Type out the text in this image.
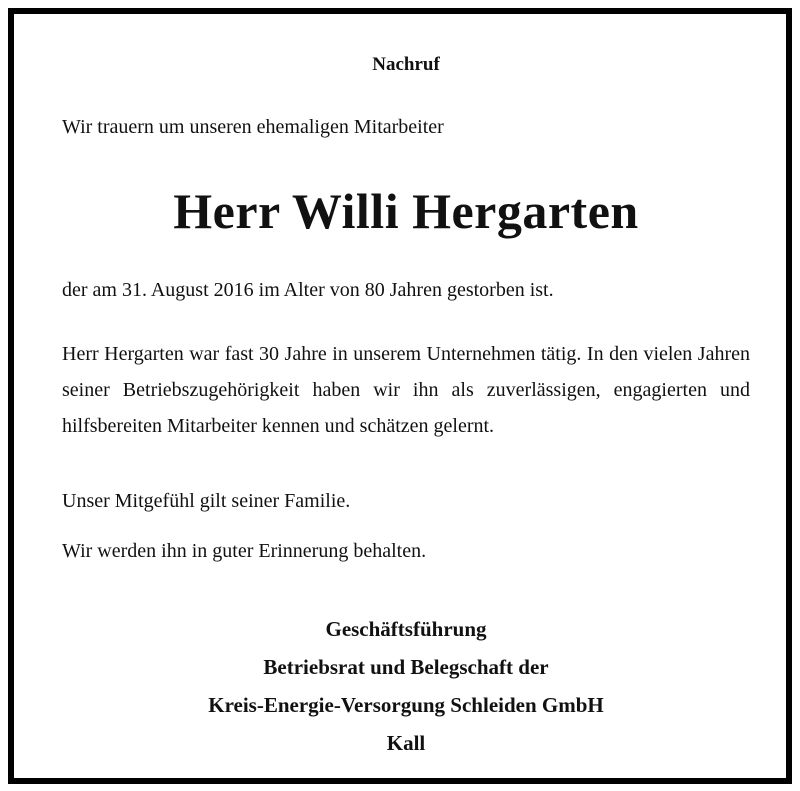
Nachruf
Wir trauern um unseren ehemaligen Mitarbeiter
Herr Willi Hergarten
der am 31. August 2016 im Alter von 80 Jahren gestorben ist.
Herr Hergarten war fast 30 Jahre in unserem Unternehmen tätig. In den vielen Jahren seiner Betriebszugehörigkeit haben wir ihn als zuverlässigen, engagierten und hilfsbereiten Mitarbeiter kennen und schätzen gelernt.
Unser Mitgefühl gilt seiner Familie.
Wir werden ihn in guter Erinnerung behalten.
Geschäftsführung
Betriebsrat und Belegschaft der
Kreis-Energie-Versorgung Schleiden GmbH
Kall
